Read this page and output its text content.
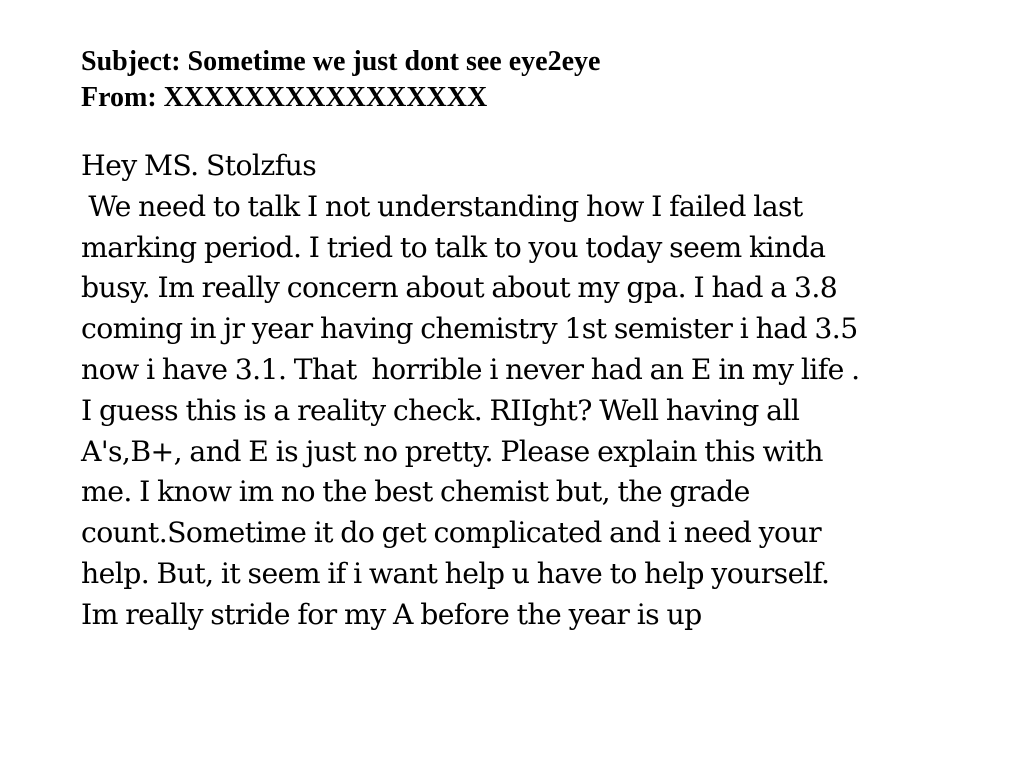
Subject: Sometime we just dont see eye2eye
From: XXXXXXXXXXXXXXXX
Hey MS. Stolzfus
We need to talk I not understanding how I failed last
marking period. I tried to talk to you today seem kinda
busy. Im really concern about about my gpa. I had a 3.8
coming in jr year having chemistry 1st semister i had 3.5
now i have 3.1. That  horrible i never had an E in my life .
I guess this is a reality check. RIIght? Well having all
A's,B+, and E is just no pretty. Please explain this with
me. I know im no the best chemist but, the grade
count.Sometime it do get complicated and i need your
help. But, it seem if i want help u have to help yourself.
Im really stride for my A before the year is up
